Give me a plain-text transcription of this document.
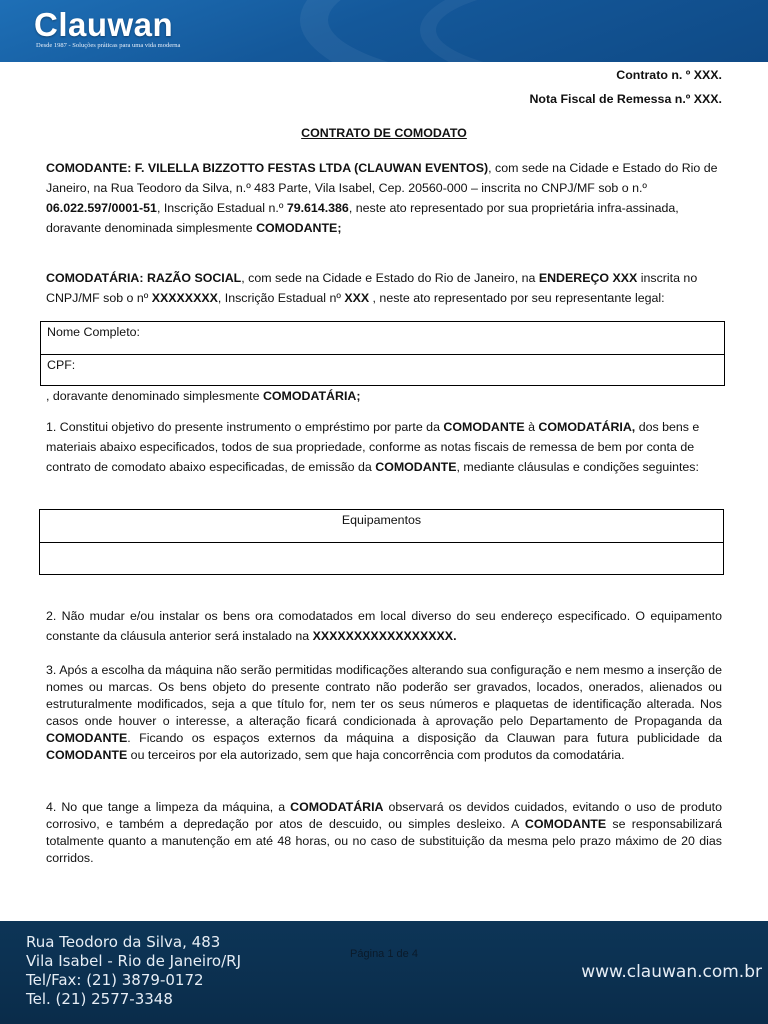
Clauwan
Desde 1987 - Soluções práticas para uma vida moderna
Contrato n. º XXX.
Nota Fiscal de Remessa n.º XXX.
CONTRATO DE COMODATO
COMODANTE: F. VILELLA BIZZOTTO FESTAS LTDA (CLAUWAN EVENTOS), com sede na Cidade e Estado do Rio de Janeiro, na Rua Teodoro da Silva, n.º 483 Parte, Vila Isabel, Cep. 20560-000 – inscrita no CNPJ/MF sob o n.º 06.022.597/0001-51, Inscrição Estadual n.º 79.614.386, neste ato representado por sua proprietária infra-assinada, doravante denominada simplesmente COMODANTE;
COMODATÁRIA: RAZÃO SOCIAL, com sede na Cidade e Estado do Rio de Janeiro, na ENDEREÇO XXX inscrita no CNPJ/MF sob o nº XXXXXXXX, Inscrição Estadual nº XXX , neste ato representado por seu representante legal:
, doravante denominado simplesmente COMODATÁRIA;
1. Constitui objetivo do presente instrumento o empréstimo por parte da COMODANTE à COMODATÁRIA, dos bens e materiais abaixo especificados, todos de sua propriedade, conforme as notas fiscais de remessa de bem por conta de contrato de comodato abaixo especificadas, de emissão da COMODANTE, mediante cláusulas e condições seguintes:
2. Não mudar e/ou instalar os bens ora comodatados em local diverso do seu endereço especificado. O equipamento constante da cláusula anterior será instalado na XXXXXXXXXXXXXXXXX.
3. Após a escolha da máquina não serão permitidas modificações alterando sua configuração e nem mesmo a inserção de nomes ou marcas. Os bens objeto do presente contrato não poderão ser gravados, locados, onerados, alienados ou estruturalmente modificados, seja a que título for, nem ter os seus números e plaquetas de identificação alterada. Nos casos onde houver o interesse, a alteração ficará condicionada à aprovação pelo Departamento de Propaganda da COMODANTE. Ficando os espaços externos da máquina a disposição da Clauwan para futura publicidade da COMODANTE ou terceiros por ela autorizado, sem que haja concorrência com produtos da comodatária.
4. No que tange a limpeza da máquina, a COMODATÁRIA observará os devidos cuidados, evitando o uso de produto corrosivo, e também a depredação por atos de descuido, ou simples desleixo. A COMODANTE se responsabilizará totalmente quanto a manutenção em até 48 horas, ou no caso de substituição da mesma pelo prazo máximo de 20 dias corridos.
Nome Completo:
CPF:
Equipamentos
Rua Teodoro da Silva, 483
Vila Isabel - Rio de Janeiro/RJ
Tel/Fax: (21) 3879-0172
Tel. (21) 2577-3348
Página 1 de 4
www.clauwan.com.br
